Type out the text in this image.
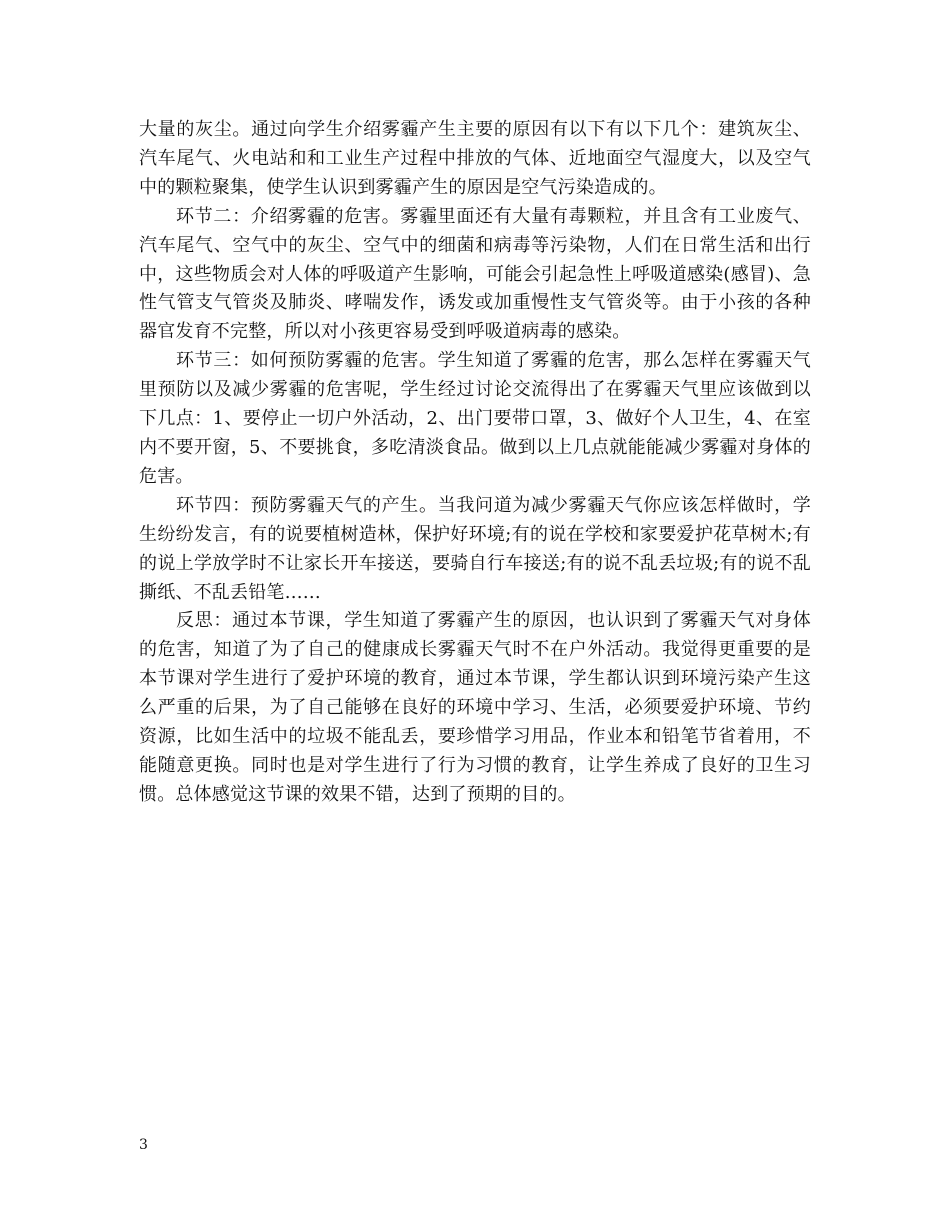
大量的灰尘。通过向学生介绍雾霾产生主要的原因有以下有以下几个：建筑灰尘、汽车尾气、火电站和和工业生产过程中排放的气体、近地面空气湿度大，以及空气中的颗粒聚集，使学生认识到雾霾产生的原因是空气污染造成的。

环节二：介绍雾霾的危害。雾霾里面还有大量有毒颗粒，并且含有工业废气、汽车尾气、空气中的灰尘、空气中的细菌和病毒等污染物，人们在日常生活和出行中，这些物质会对人体的呼吸道产生影响，可能会引起急性上呼吸道感染(感冒)、急性气管支气管炎及肺炎、哮喘发作，诱发或加重慢性支气管炎等。由于小孩的各种器官发育不完整，所以对小孩更容易受到呼吸道病毒的感染。

环节三：如何预防雾霾的危害。学生知道了雾霾的危害，那么怎样在雾霾天气里预防以及减少雾霾的危害呢，学生经过讨论交流得出了在雾霾天气里应该做到以下几点：1、要停止一切户外活动，2、出门要带口罩，3、做好个人卫生，4、在室内不要开窗，5、不要挑食，多吃清淡食品。做到以上几点就能能减少雾霾对身体的危害。

环节四：预防雾霾天气的产生。当我问道为减少雾霾天气你应该怎样做时，学生纷纷发言，有的说要植树造林，保护好环境;有的说在学校和家要爱护花草树木;有的说上学放学时不让家长开车接送，要骑自行车接送;有的说不乱丢垃圾;有的说不乱撕纸、不乱丢铅笔……

反思：通过本节课，学生知道了雾霾产生的原因，也认识到了雾霾天气对身体的危害，知道了为了自己的健康成长雾霾天气时不在户外活动。我觉得更重要的是本节课对学生进行了爱护环境的教育，通过本节课，学生都认识到环境污染产生这么严重的后果，为了自己能够在良好的环境中学习、生活，必须要爱护环境、节约资源，比如生活中的垃圾不能乱丢，要珍惜学习用品，作业本和铅笔节省着用，不能随意更换。同时也是对学生进行了行为习惯的教育，让学生养成了良好的卫生习惯。总体感觉这节课的效果不错，达到了预期的目的。

3
